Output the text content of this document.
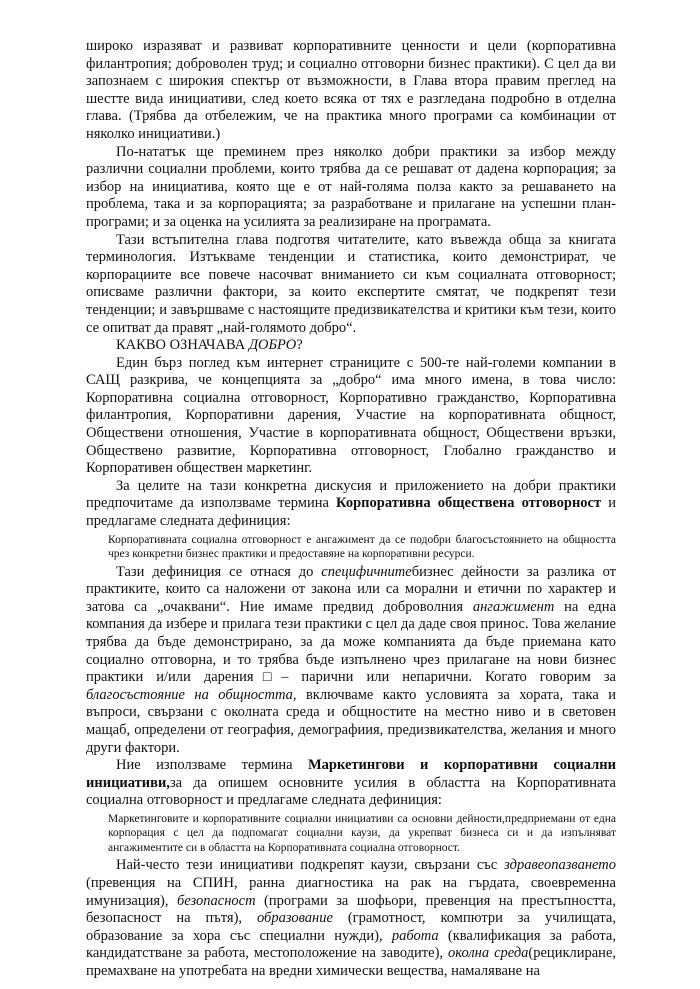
широко изразяват и развиват корпоративните ценности и цели (корпоративна филантропия; доброволен труд; и социално отговорни бизнес практики). С цел да ви запознаем с широкия спектър от възможности, в Глава втора правим преглед на шестте вида инициативи, след което всяка от тях е разгледана подробно в отделна глава. (Трябва да отбележим, че на практика много програми са комбинации от няколко инициативи.)

По-нататък ще преминем през няколко добри практики за избор между различни социални проблеми, които трябва да се решават от дадена корпорация; за избор на инициатива, която ще е от най-голяма полза както за решаването на проблема, така и за корпорацията; за разработване и прилагане на успешни план-програми; и за оценка на усилията за реализиране на програмата.

Тази встъпителна глава подготвя читателите, като въвежда обща за книгата терминология. Изтъкваме тенденции и статистика, които демонстрират, че корпорациите все повече насочват вниманието си към социалната отговорност; описваме различни фактори, за които експертите смятат, че подкрепят тези тенденции; и завършваме с настоящите предизвикателства и критики към тези, които се опитват да правят „най-голямото добро“.

КАКВО ОЗНАЧАВА ДОБРО?

Един бърз поглед към интернет страниците с 500-те най-големи компании в САЩ разкрива, че концепцията за „добро“ има много имена, в това число: Корпоративна социална отговорност, Корпоративно гражданство, Корпоративна филантропия, Корпоративни дарения, Участие на корпоративната общност, Обществени отношения, Участие в корпоративната общност, Обществени връзки, Обществено развитие, Корпоративна отговорност, Глобално гражданство и Корпоративен обществен маркетинг.

За целите на тази конкретна дискусия и приложението на добри практики предпочитаме да използваме термина Корпоративна обществена отговорност и предлагаме следната дефиниция:

Корпоративната социална отговорност е ангажимент да се подобри благосъстоянието на общността чрез конкретни бизнес практики и предоставяне на корпоративни ресурси.

Тази дефиниция се отнася до специфичнитебизнес дейности за разлика от практиките, които са наложени от закона или са морални и етични по характер и затова са „очаквани“. Ние имаме предвид доброволния ангажимент на една компания да избере и прилага тези практики с цел да даде своя принос. Това желание трябва да бъде демонстрирано, за да може компанията да бъде приемана като социално отговорна, и то трябва бъде изпълнено чрез прилагане на нови бизнес практики и/или дарения□– парични или непарични. Когато говорим за благосъстояние на общността, включваме както условията за хората, така и въпроси, свързани с околната среда и общностите на местно ниво и в световен мащаб, определени от география, демографиия, предизвикателства, желания и много други фактори.

Ние използваме термина Маркетингови и корпоративни социални инициативи,за да опишем основните усилия в областта на Корпоративната социална отговорност и предлагаме следната дефиниция:

Маркетинговите и корпоративните социални инициативи са основни дейности,предприемани от една корпорация с цел да подпомагат социални каузи, да укрепват бизнеса си и да изпълняват ангажиментите си в областта на Корпоративната социална отговорност.

Най-често тези инициативи подкрепят каузи, свързани със здравеопазването (превенция на СПИН, ранна диагностика на рак на гърдата, своевременна имунизация), безопасност (програми за шофьори, превенция на престъпността, безопасност на пътя), образование (грамотност, компютри за училищата, образование за хора със специални нужди), работа (квалификация за работа, кандидатстване за работа, местоположение на заводите), околна среда(рециклиране, премахване на употребата на вредни химически вещества, намаляване на
